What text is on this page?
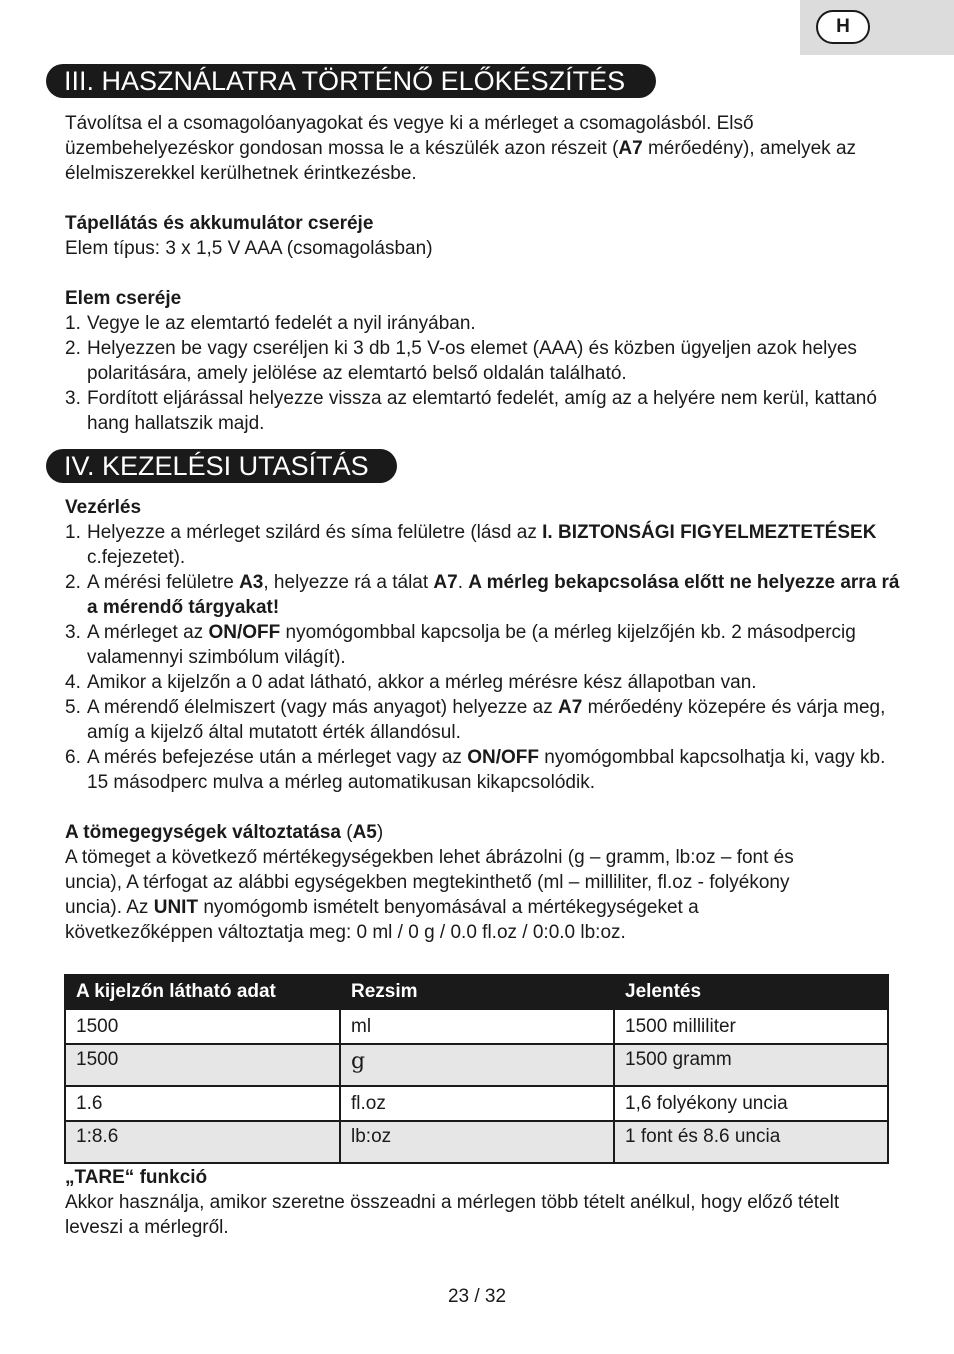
H
III. HASZNÁLATRA TÖRTÉNŐ ELŐKÉSZÍTÉS

Távolítsa el a csomagolóanyagokat és vegye ki a mérleget a csomagolásból. Első üzembehelyezéskor gondosan mossa le a készülék azon részeit (A7 mérőedény), amelyek az élelmiszerekkel kerülhetnek érintkezésbe.

Tápellátás és akkumulátor cseréje

Elem típus: 3 x 1,5 V AAA (csomagolásban)

Elem cseréje

1. Vegye le az elemtartó fedelét a nyil irányában.
2. Helyezzen be vagy cseréljen ki 3 db 1,5 V-os elemet (AAA) és közben ügyeljen azok helyes polaritására, amely jelölése az elemtartó belső oldalán található.
3. Fordított eljárással helyezze vissza az elemtartó fedelét, amíg az a helyére nem kerül, kattanó hang hallatszik majd.
IV. KEZELÉSI UTASÍTÁS

Vezérlés

1. Helyezze a mérleget szilárd és síma felületre (lásd az I. BIZTONSÁGI FIGYELMEZTETÉSEK c.fejezetet).
2. A mérési felületre A3, helyezze rá a tálat A7. A mérleg bekapcsolása előtt ne helyezze arra rá a mérendő tárgyakat!
3. A mérleget az ON/OFF nyomógombbal kapcsolja be (a mérleg kijelzőjén kb. 2 másodpercig valamennyi szimbólum világít).
4. Amikor a kijelzőn a 0 adat látható, akkor a mérleg mérésre kész állapotban van.
5. A mérendő élelmiszert (vagy más anyagot) helyezze az A7 mérőedény közepére és várja meg, amíg a kijelző által mutatott érték állandósul.
6. A mérés befejezése után a mérleget vagy az ON/OFF nyomógombbal kapcsolhatja ki, vagy kb. 15 másodperc mulva a mérleg automatikusan kikapcsolódik.

A tömegegységek változtatása (A5)

A tömeget a következő mértékegységekben lehet ábrázolni (g – gramm, lb:oz – font és uncia), A térfogat az alábbi egységekben megtekinthető (ml – milliliter, fl.oz - folyékony uncia). Az UNIT nyomógomb ismételt benyomásával a mértékegységeket a következőképpen változtatja meg: 0 ml / 0 g / 0.0 fl.oz / 0:0.0 lb:oz.

A kijelzőn látható adat	Rezsim	Jelentés
1500	ml	1500 milliliter
1500	g	1500 gramm
1.6	fl.oz	1,6 folyékony uncia
1:8.6	lb:oz	1 font és 8.6 uncia

„TARE“ funkció

Akkor használja, amikor szeretne összeadni a mérlegen több tételt anélkul, hogy előző tételt leveszi a mérlegről.

23 / 32
